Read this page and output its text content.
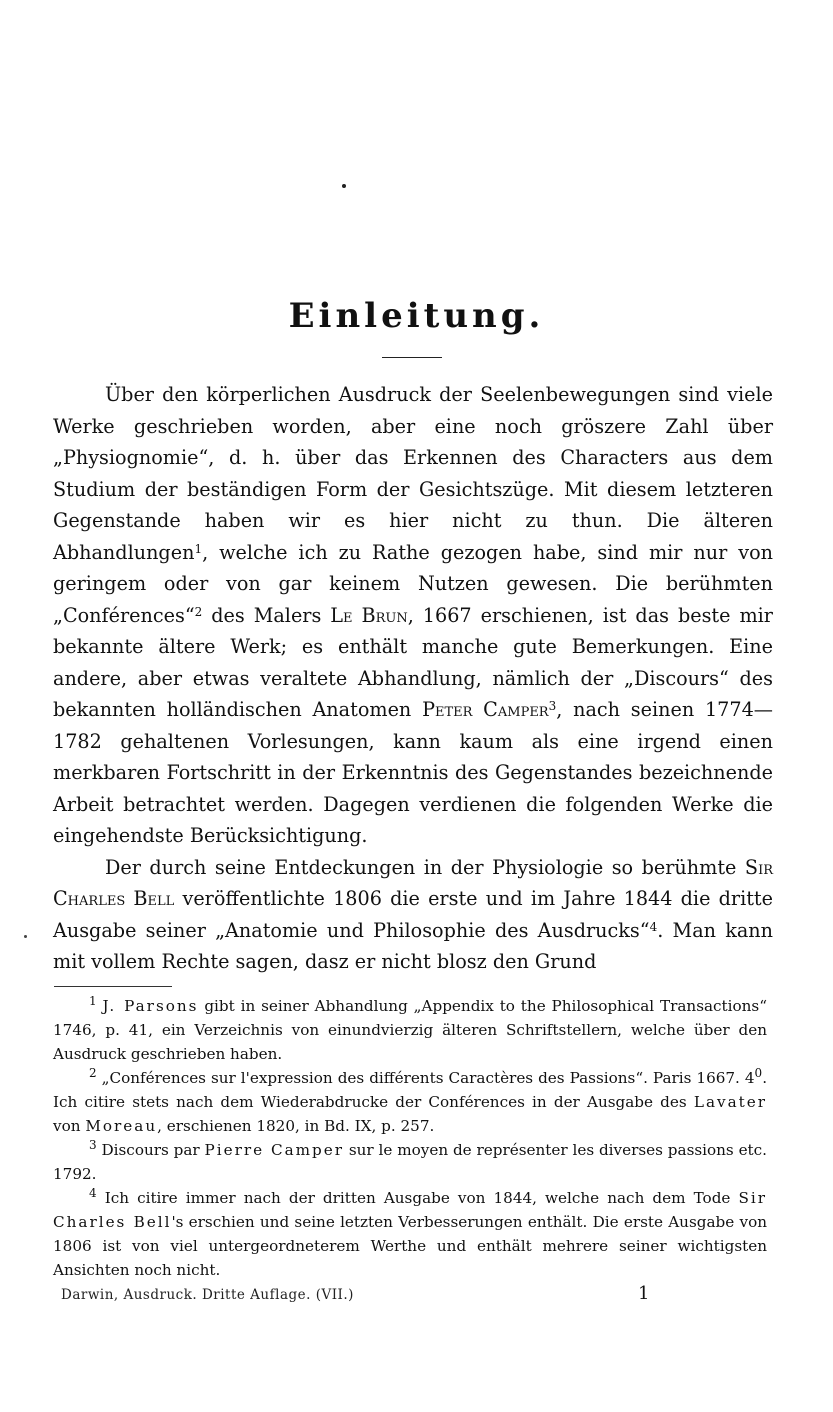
Einleitung.

Über den körperlichen Ausdruck der Seelenbewegungen sind viele Werke geschrieben worden, aber eine noch gröszere Zahl über „Physiognomie“, d. h. über das Erkennen des Characters aus dem Studium der beständigen Form der Gesichtszüge. Mit diesem letzteren Gegenstande haben wir es hier nicht zu thun. Die älteren Abhandlungen$^1$, welche ich zu Rathe gezogen habe, sind mir nur von geringem oder von gar keinem Nutzen gewesen. Die berühmten „Conférences“$^2$ des Malers Le Brun, 1667 erschienen, ist das beste mir bekannte ältere Werk; es enthält manche gute Bemerkungen. Eine andere, aber etwas veraltete Abhandlung, nämlich der „Discours“ des bekannten holländischen Anatomen Peter Camper$^3$, nach seinen 1774—1782 gehaltenen Vorlesungen, kann kaum als eine irgend einen merkbaren Fortschritt in der Erkenntnis des Gegenstandes bezeichnende Arbeit betrachtet werden. Dagegen verdienen die folgenden Werke die eingehendste Berücksichtigung.

Der durch seine Entdeckungen in der Physiologie so berühmte Sir Charles Bell veröffentlichte 1806 die erste und im Jahre 1844 die dritte Ausgabe seiner „Anatomie und Philosophie des Ausdrucks“$^4$. Man kann mit vollem Rechte sagen, dasz er nicht blosz den Grund

$^1$ J. Parsons gibt in seiner Abhandlung „Appendix to the Philosophical Transactions“ 1746, p. 41, ein Verzeichnis von einundvierzig älteren Schriftstellern, welche über den Ausdruck geschrieben haben.

$^2$ „Conférences sur l'expression des différents Caractères des Passions“. Paris 1667. $4^0$. Ich citire stets nach dem Wiederabdrucke der Conférences in der Ausgabe des Lavater von Moreau, erschienen 1820, in Bd. IX, p. 257.

$^3$ Discours par Pierre Camper sur le moyen de représenter les diverses passions etc. 1792.

$^4$ Ich citire immer nach der dritten Ausgabe von 1844, welche nach dem Tode Sir Charles Bell's erschien und seine letzten Verbesserungen enthält. Die erste Ausgabe von 1806 ist von viel untergeordneterem Werthe und enthält mehrere seiner wichtigsten Ansichten noch nicht.

Darwin, Ausdruck. Dritte Auflage. (VII.)	1
